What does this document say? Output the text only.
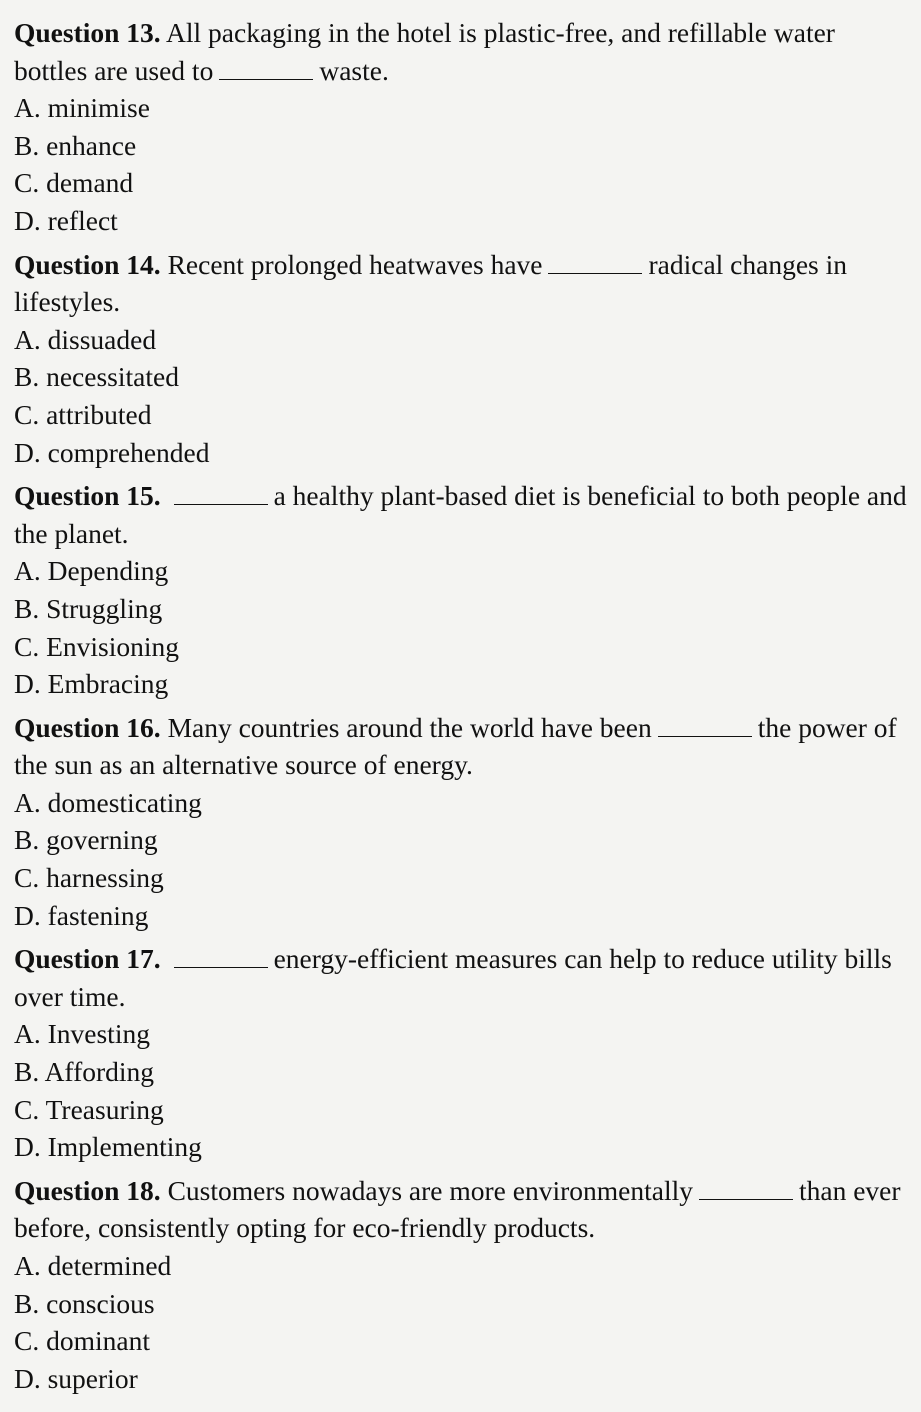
Question 13. All packaging in the hotel is plastic-free, and refillable water bottles are used to	waste.
A. minimise
B. enhance
C. demand
D. reflect
Question 14. Recent prolonged heatwaves have	radical changes in lifestyles.
A. dissuaded
B. necessitated
C. attributed
D. comprehended
Question 15.	a healthy plant-based diet is beneficial to both people and the planet.
A. Depending
B. Struggling
C. Envisioning
D. Embracing
Question 16. Many countries around the world have been	the power of the sun as an alternative source of energy.
A. domesticating
B. governing
C. harnessing
D. fastening
Question 17.	energy-efficient measures can help to reduce utility bills over time.
A. Investing
B. Affording
C. Treasuring
D. Implementing
Question 18. Customers nowadays are more environmentally	than ever before, consistently opting for eco-friendly products.
A. determined
B. conscious
C. dominant
D. superior
